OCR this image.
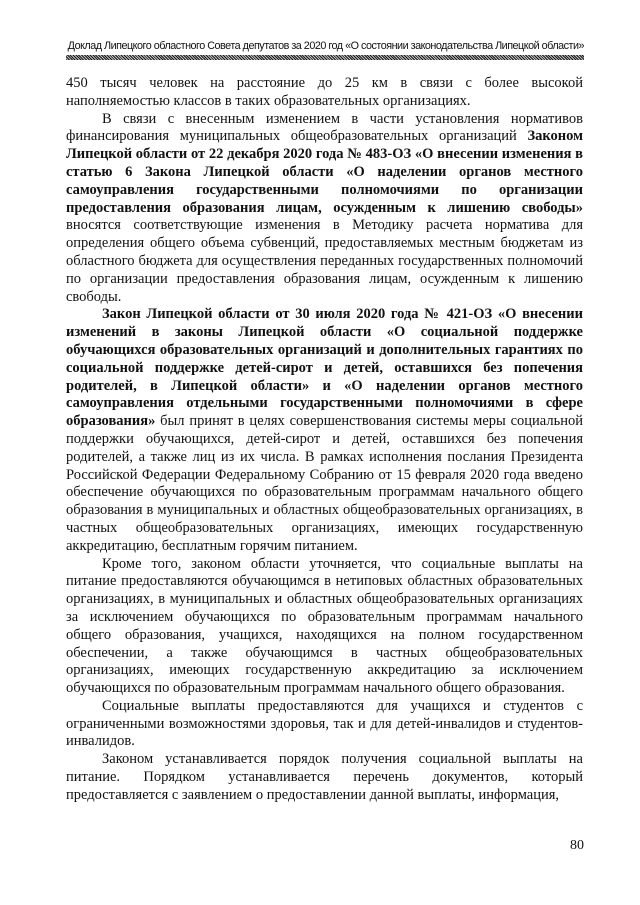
Доклад Липецкого областного Совета депутатов за 2020 год «О состоянии законодательства Липецкой области»

450 тысяч человек на расстояние до 25 км в связи с более высокой наполняемостью классов в таких образовательных организациях.

В связи с внесенным изменением в части установления нормативов финансирования муниципальных общеобразовательных организаций Законом Липецкой области от 22 декабря 2020 года № 483-ОЗ «О внесении изменения в статью 6 Закона Липецкой области «О наделении органов местного самоуправления государственными полномочиями по организации предоставления образования лицам, осужденным к лишению свободы» вносятся соответствующие изменения в Методику расчета норматива для определения общего объема субвенций, предоставляемых местным бюджетам из областного бюджета для осуществления переданных государственных полномочий по организации предоставления образования лицам, осужденным к лишению свободы.

Закон Липецкой области от 30 июля 2020 года № 421-ОЗ «О внесении изменений в законы Липецкой области «О социальной поддержке обучающихся образовательных организаций и дополнительных гарантиях по социальной поддержке детей-сирот и детей, оставшихся без попечения родителей, в Липецкой области» и «О наделении органов местного самоуправления отдельными государственными полномочиями в сфере образования» был принят в целях совершенствования системы меры социальной поддержки обучающихся, детей-сирот и детей, оставшихся без попечения родителей, а также лиц из их числа. В рамках исполнения послания Президента Российской Федерации Федеральному Собранию от 15 февраля 2020 года введено обеспечение обучающихся по образовательным программам начального общего образования в муниципальных и областных общеобразовательных организациях, в частных общеобразовательных организациях, имеющих государственную аккредитацию, бесплатным горячим питанием.

Кроме того, законом области уточняется, что социальные выплаты на питание предоставляются обучающимся в нетиповых областных образовательных организациях, в муниципальных и областных общеобразовательных организациях за исключением обучающихся по образовательным программам начального общего образования, учащихся, находящихся на полном государственном обеспечении, а также обучающимся в частных общеобразовательных организациях, имеющих государственную аккредитацию за исключением обучающихся по образовательным программам начального общего образования.

Социальные выплаты предоставляются для учащихся и студентов с ограниченными возможностями здоровья, так и для детей-инвалидов и студентов-инвалидов.

Законом устанавливается порядок получения социальной выплаты на питание. Порядком устанавливается перечень документов, который предоставляется с заявлением о предоставлении данной выплаты, информация,

80
